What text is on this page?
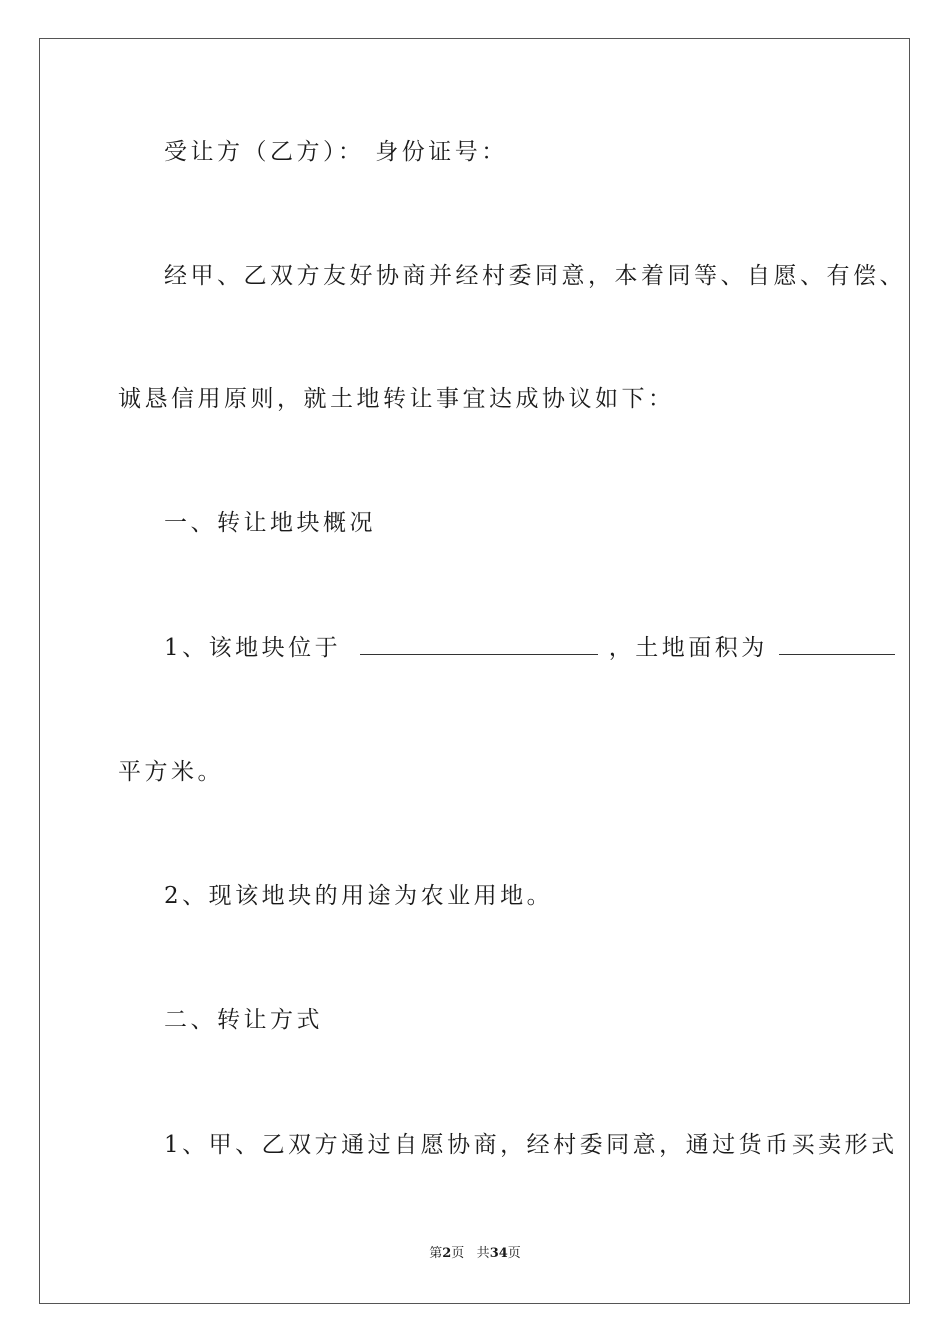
受让方（乙方）： 身份证号：
经甲、乙双方友好协商并经村委同意，本着同等、自愿、有偿、
诚恳信用原则，就土地转让事宜达成协议如下：
一、转让地块概况
1、该地块位于	，土地面积为
平方米。
2、现该地块的用途为农业用地。
二、转让方式
1、甲、乙双方通过自愿协商，经村委同意，通过货币买卖形式
第2页 共34页
